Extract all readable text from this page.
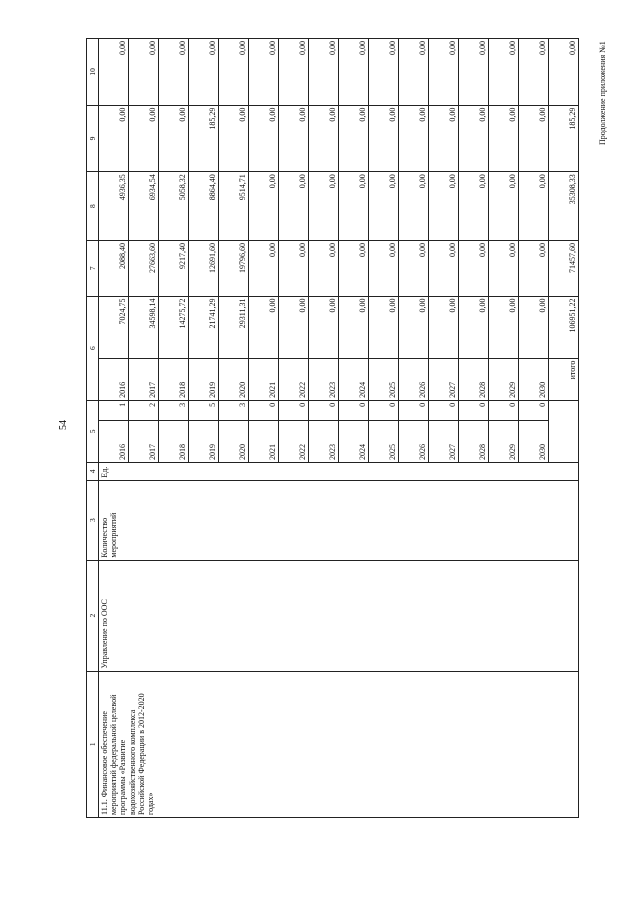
54
Продолжение приложения №1
1	2	3	4	5		6		7	8	9	10
11.1. Финансовое обеспечение мероприятий федеральной целевой программы «Развитие водохозяйственного комплекса Российской Федерации в 2012-2020 годах»	Управление по ООС	Количество мероприятий	Ед.	2016	1	2016	7024,75	2088,40	4936,35	0,00	0,00
				2017	2	2017	34598,14	27663,60	6934,54	0,00	0,00
				2018	3	2018	14275,72	9217,40	5058,32	0,00	0,00
				2019	5	2019	21741,29	12691,60	8864,40	185,29	0,00
				2020	3	2020	29311,31	19796,60	9514,71	0,00	0,00
				2021	0	2021	0,00	0,00	0,00	0,00	0,00
				2022	0	2022	0,00	0,00	0,00	0,00	0,00
				2023	0	2023	0,00	0,00	0,00	0,00	0,00
				2024	0	2024	0,00	0,00	0,00	0,00	0,00
				2025	0	2025	0,00	0,00	0,00	0,00	0,00
				2026	0	2026	0,00	0,00	0,00	0,00	0,00
				2027	0	2027	0,00	0,00	0,00	0,00	0,00
				2028	0	2028	0,00	0,00	0,00	0,00	0,00
				2029	0	2029	0,00	0,00	0,00	0,00	0,00
				2030	0	2030	0,00	0,00	0,00	0,00	0,00
						итого	106951,22	71457,60	35308,33	185,29	0,00
